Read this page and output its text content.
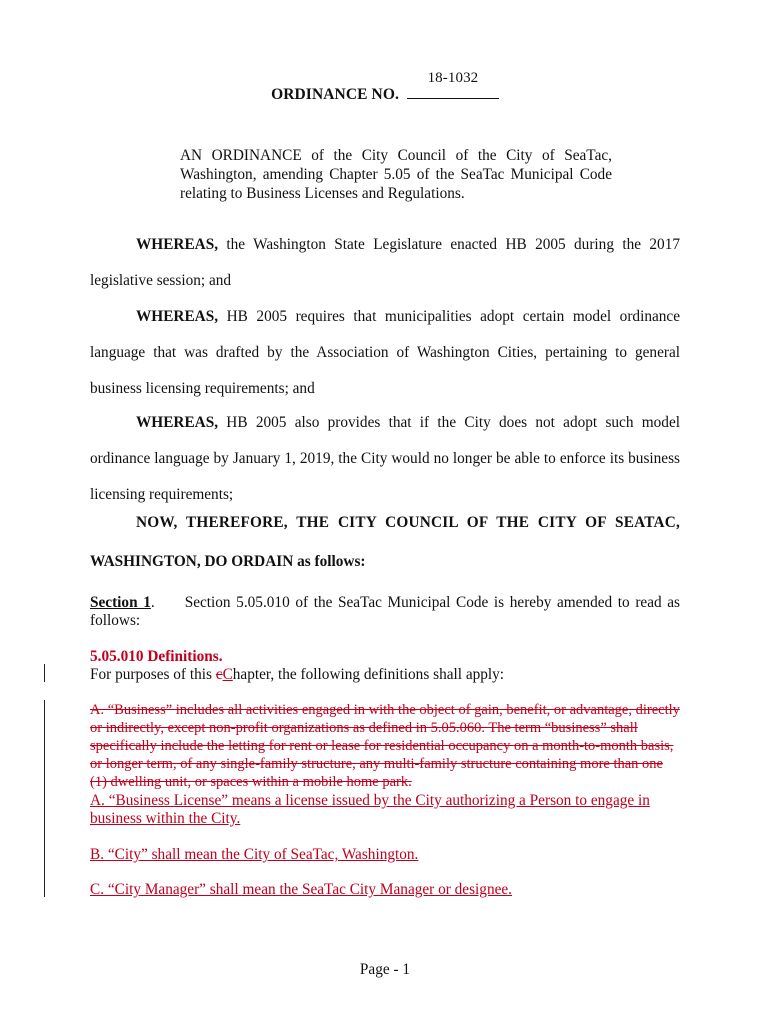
ORDINANCE NO.
18-1032
AN ORDINANCE of the City Council of the City of SeaTac, Washington, amending Chapter 5.05 of the SeaTac Municipal Code relating to Business Licenses and Regulations.
WHEREAS, the Washington State Legislature enacted HB 2005 during the 2017 legislative session; and
WHEREAS, HB 2005 requires that municipalities adopt certain model ordinance language that was drafted by the Association of Washington Cities, pertaining to general business licensing requirements; and
WHEREAS, HB 2005 also provides that if the City does not adopt such model ordinance language by January 1, 2019, the City would no longer be able to enforce its business licensing requirements;
NOW, THEREFORE, THE CITY COUNCIL OF THE CITY OF SEATAC,
WASHINGTON, DO ORDAIN as follows:
Section 1. Section 5.05.010 of the SeaTac Municipal Code is hereby amended to read as follows:
5.05.010 Definitions.
For purposes of this cChapter, the following definitions shall apply:
A. “Business” includes all activities engaged in with the object of gain, benefit, or advantage, directly or indirectly, except non-profit organizations as defined in 5.05.060. The term “business” shall specifically include the letting for rent or lease for residential occupancy on a month-to-month basis, or longer term, of any single-family structure, any multi-family structure containing more than one (1) dwelling unit, or spaces within a mobile home park.
A. “Business License” means a license issued by the City authorizing a Person to engage in business within the City.
B. “City” shall mean the City of SeaTac, Washington.
C. “City Manager” shall mean the SeaTac City Manager or designee.
Page - 1
